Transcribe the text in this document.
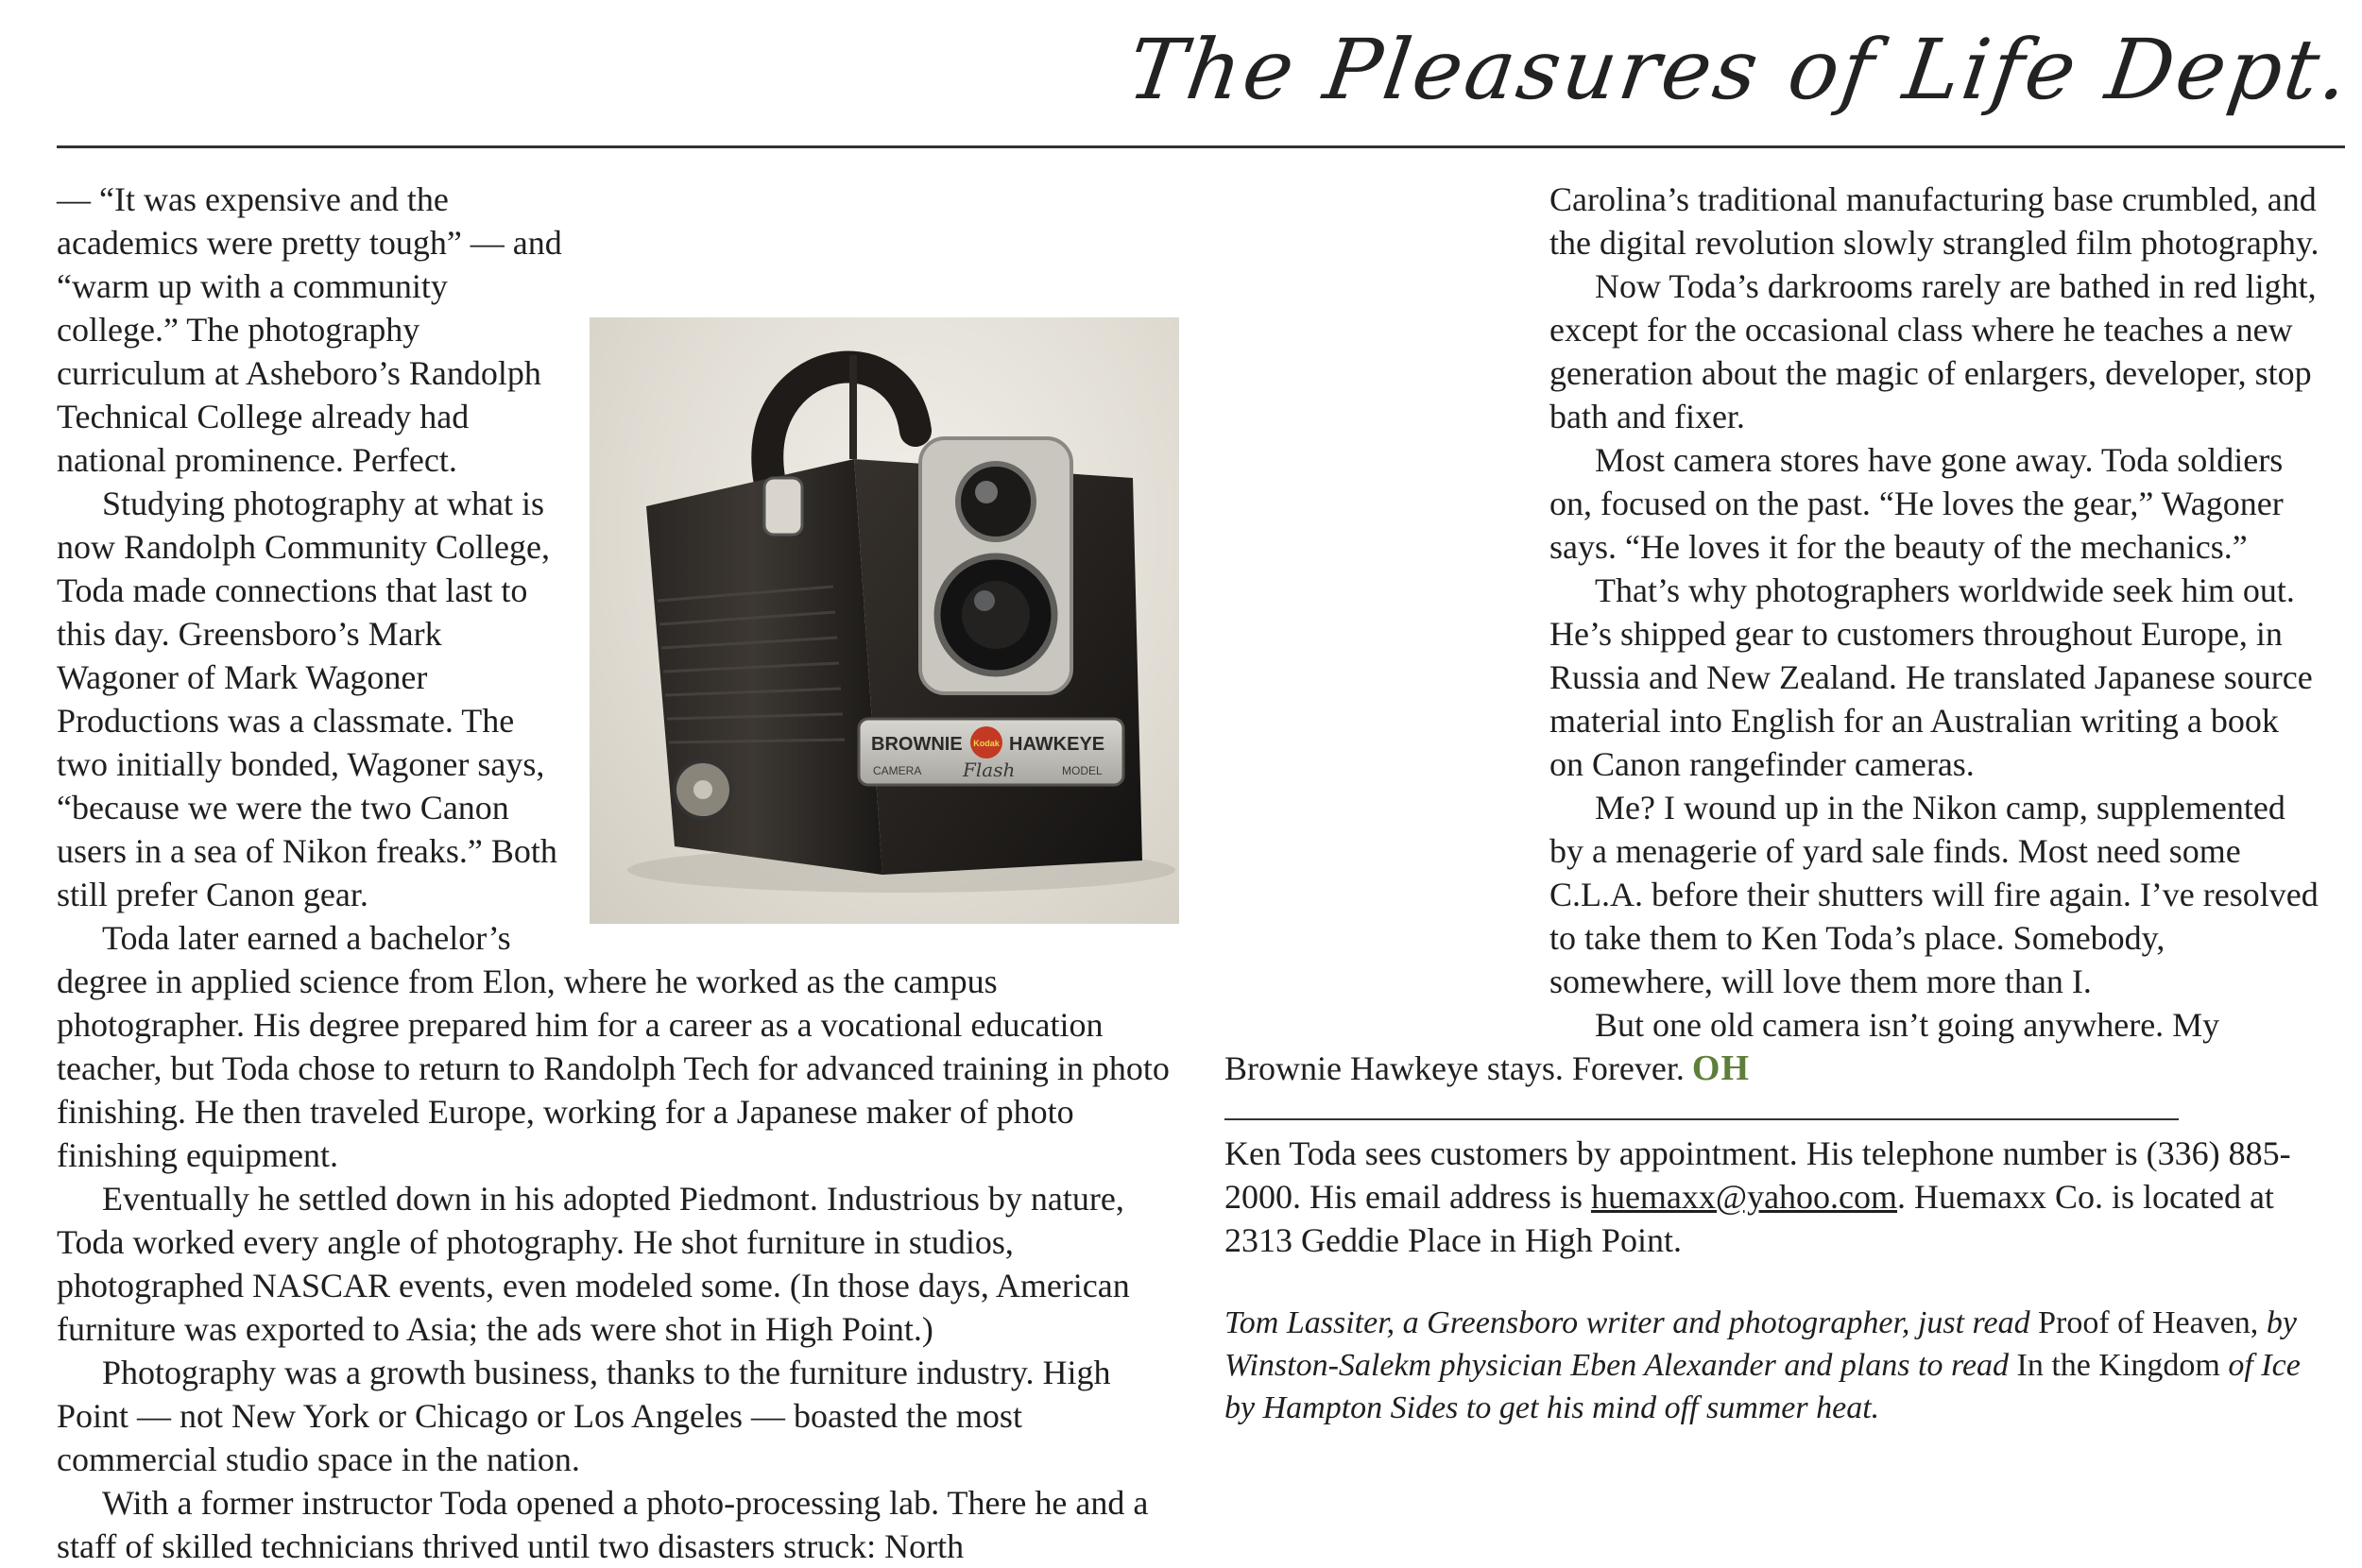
The Pleasures of Life Dept.
BROWNIE Kodak HAWKEYE
CAMERA Flash	MODEL

— “It was expensive and the academics were pretty tough” — and “warm up with a community college.” The photography curriculum at Asheboro’s Randolph Technical College already had national prominence. Perfect.

Studying photography at what is now Randolph Community College, Toda made connections that last to this day. Greensboro’s Mark Wagoner of Mark Wagoner Productions was a classmate. The two initially bonded, Wagoner says, “because we were the two Canon users in a sea of Nikon freaks.” Both still prefer Canon gear.

Toda later earned a bachelor’s degree in applied science from Elon, where he worked as the campus photographer. His degree prepared him for a career as a vocational education teacher, but Toda chose to return to Randolph Tech for advanced training in photo finishing. He then traveled Europe, working for a Japanese maker of photo finishing equipment.

Eventually he settled down in his adopted Piedmont. Industrious by nature, Toda worked every angle of photography. He shot furniture in studios, photographed NASCAR events, even modeled some. (In those days, American furniture was exported to Asia; the ads were shot in High Point.)

Photography was a growth business, thanks to the furniture industry. High Point — not New York or Chicago or Los Angeles — boasted the most commercial studio space in the nation.

With a former instructor Toda opened a photo-processing lab. There he and a staff of skilled technicians thrived until two disasters struck: North

Carolina’s traditional manufacturing base crumbled, and the digital revolution slowly strangled film photography.

Now Toda’s darkrooms rarely are bathed in red light, except for the occasional class where he teaches a new generation about the magic of enlargers, developer, stop bath and fixer.

Most camera stores have gone away. Toda soldiers on, focused on the past. “He loves the gear,” Wagoner says. “He loves it for the beauty of the mechanics.”

That’s why photographers worldwide seek him out. He’s shipped gear to customers throughout Europe, in Russia and New Zealand. He translated Japanese source material into English for an Australian writing a book on Canon rangefinder cameras.

Me? I wound up in the Nikon camp, supplemented by a menagerie of yard sale finds. Most need some C.L.A. before their shutters will fire again. I’ve resolved to take them to Ken Toda’s place. Somebody, somewhere, will love them more than I.

But one old camera isn’t going anywhere. My Brownie Hawkeye stays. Forever. OH

Ken Toda sees customers by appointment. His telephone number is (336) 885-2000. His email address is huemaxx@yahoo.com. Huemaxx Co. is located at 2313 Geddie Place in High Point.

Tom Lassiter, a Greensboro writer and photographer, just read Proof of Heaven, by Winston-Salekm physician Eben Alexander and plans to read In the Kingdom of Ice by Hampton Sides to get his mind off summer heat.
